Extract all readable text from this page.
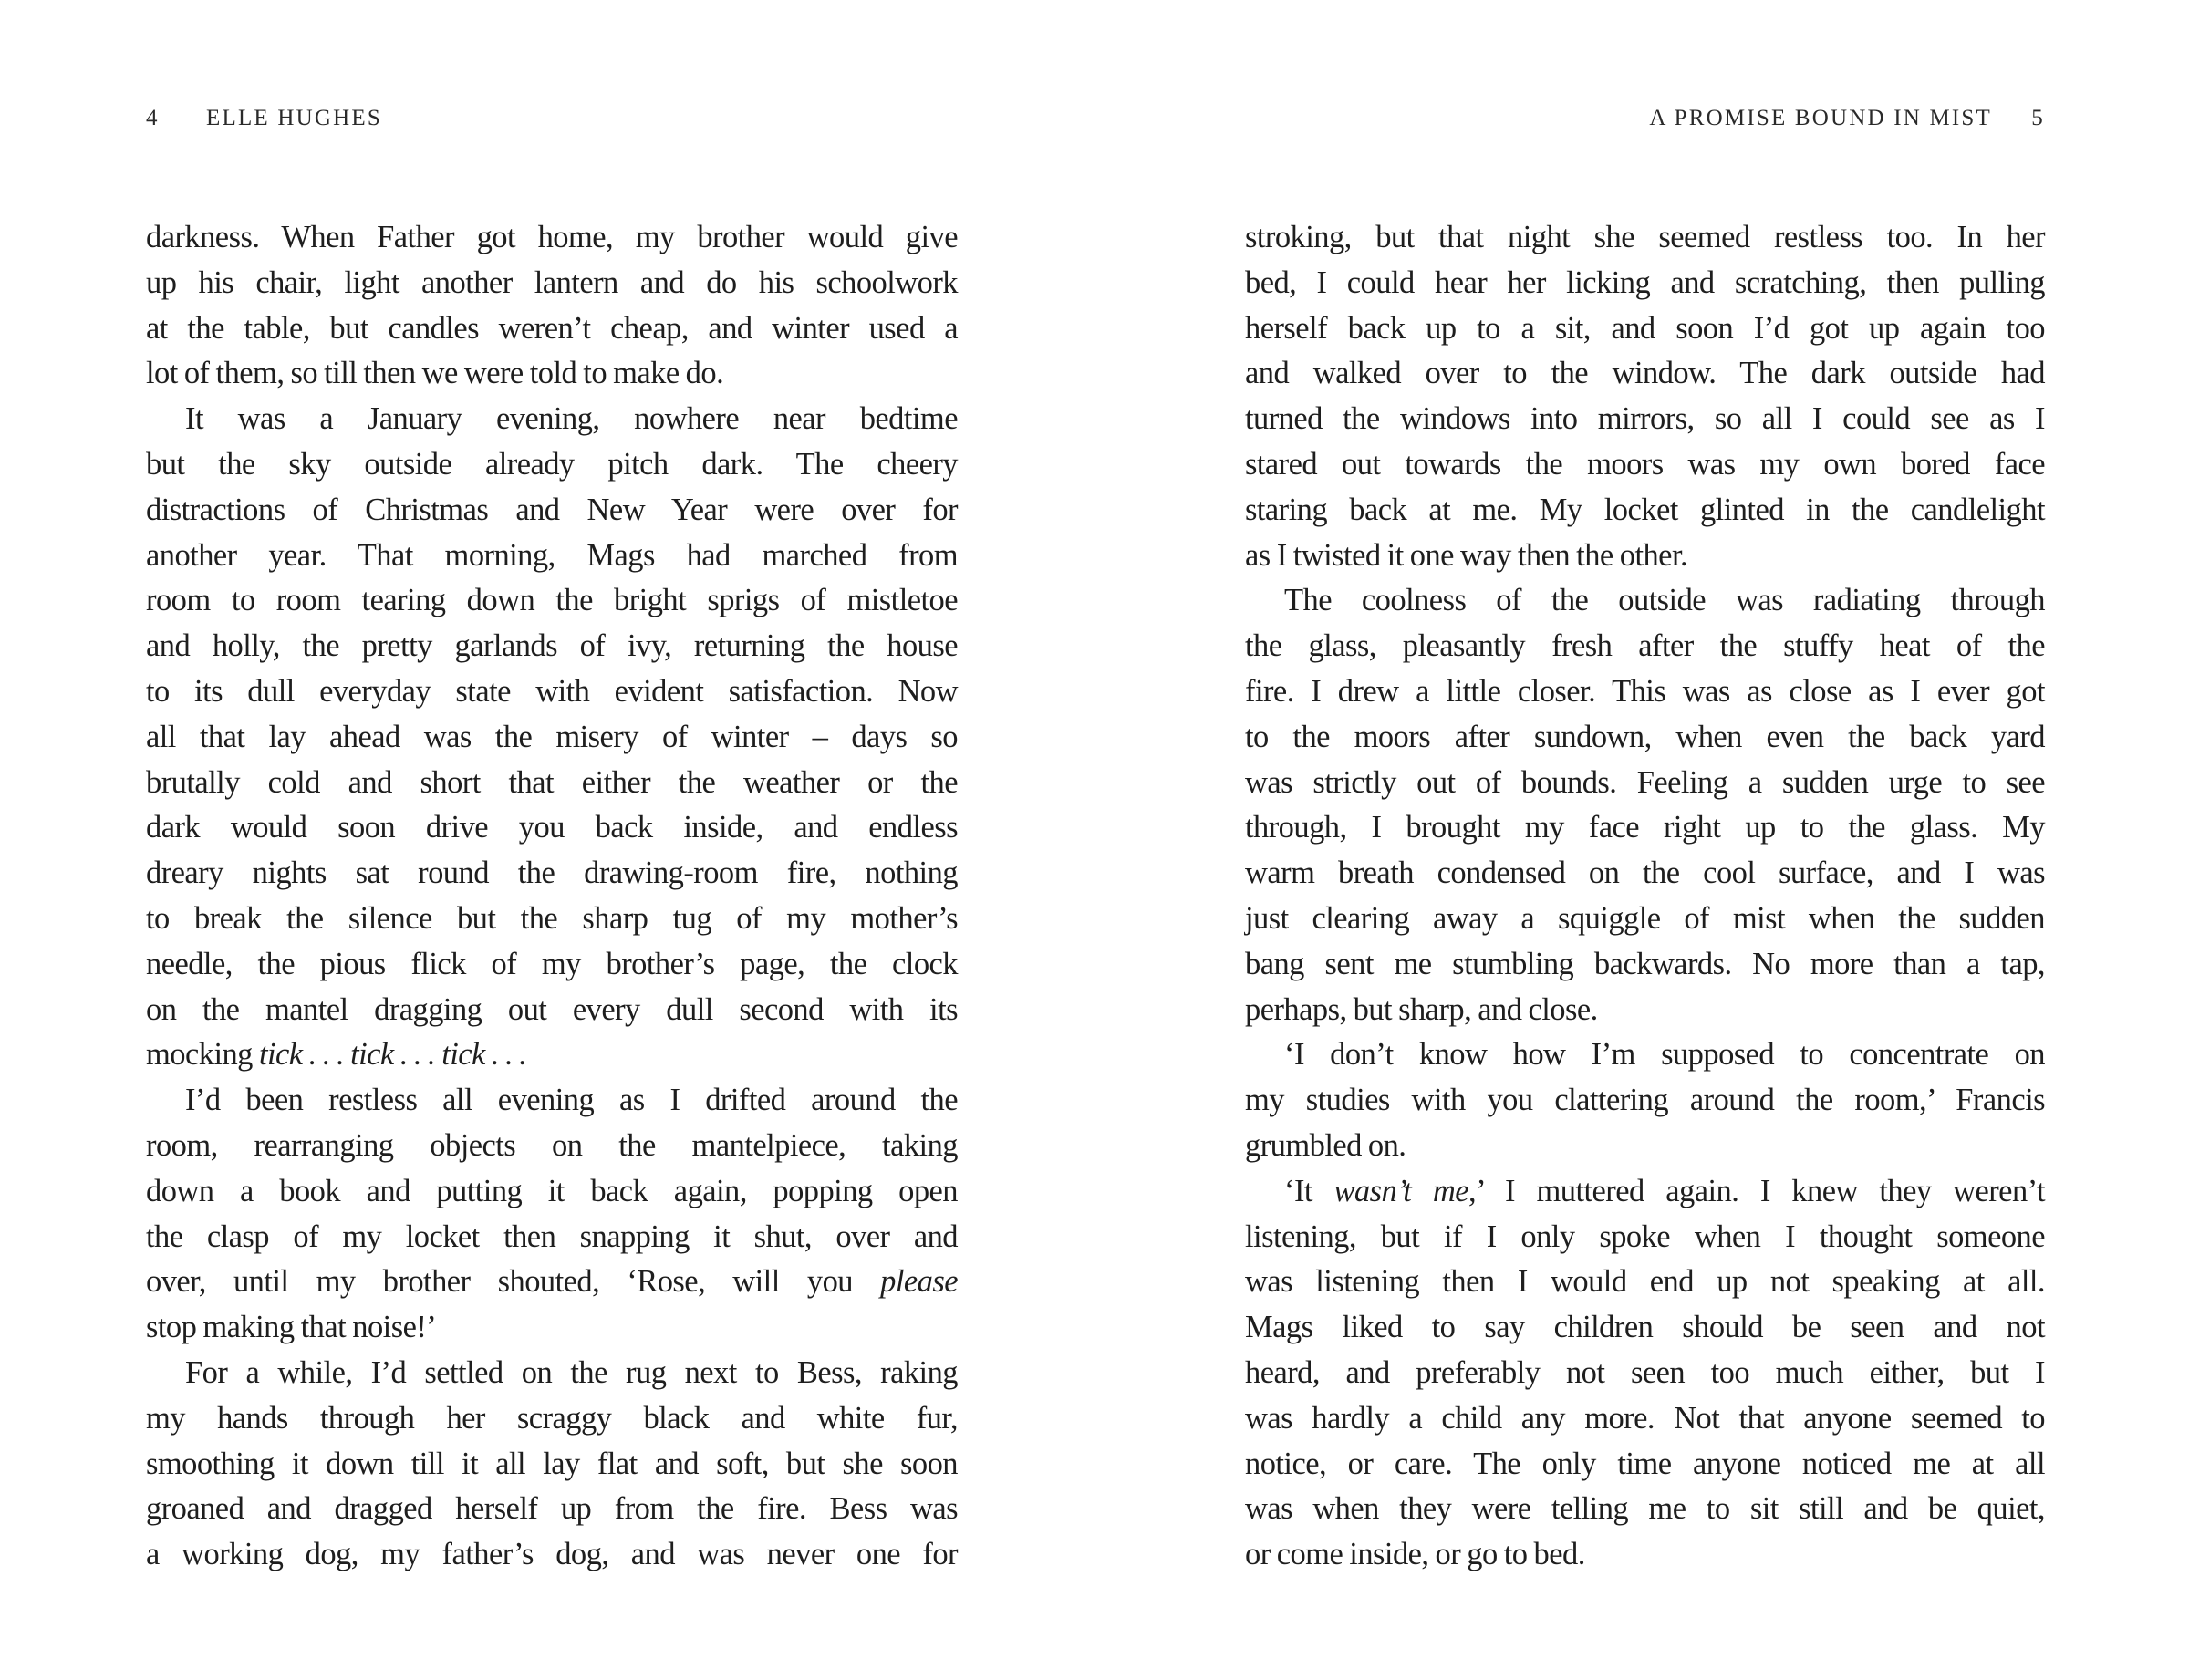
4 ELLE HUGHES
darkness. When Father got home, my brother would give
up his chair, light another lantern and do his schoolwork
at the table, but candles weren’t cheap, and winter used a
lot of them, so till then we were told to make do.
It was a January evening, nowhere near bedtime
but the sky outside already pitch dark. The cheery
distractions of Christmas and New Year were over for
another year. That morning, Mags had marched from
room to room tearing down the bright sprigs of mistletoe
and holly, the pretty garlands of ivy, returning the house
to its dull everyday state with evident satisfaction. Now
all that lay ahead was the misery of winter – days so
brutally cold and short that either the weather or the
dark would soon drive you back inside, and endless
dreary nights sat round the drawing-room fire, nothing
to break the silence but the sharp tug of my mother’s
needle, the pious flick of my brother’s page, the clock
on the mantel dragging out every dull second with its
mocking tick . . . tick . . . tick . . .
I’d been restless all evening as I drifted around the
room, rearranging objects on the mantelpiece, taking
down a book and putting it back again, popping open
the clasp of my locket then snapping it shut, over and
over, until my brother shouted, ‘Rose, will you please
stop making that noise!’
For a while, I’d settled on the rug next to Bess, raking
my hands through her scraggy black and white fur,
smoothing it down till it all lay flat and soft, but she soon
groaned and dragged herself up from the fire. Bess was
a working dog, my father’s dog, and was never one for
A PROMISE BOUND IN MIST 5
stroking, but that night she seemed restless too. In her
bed, I could hear her licking and scratching, then pulling
herself back up to a sit, and soon I’d got up again too
and walked over to the window. The dark outside had
turned the windows into mirrors, so all I could see as I
stared out towards the moors was my own bored face
staring back at me. My locket glinted in the candlelight
as I twisted it one way then the other.
The coolness of the outside was radiating through
the glass, pleasantly fresh after the stuffy heat of the
fire. I drew a little closer. This was as close as I ever got
to the moors after sundown, when even the back yard
was strictly out of bounds. Feeling a sudden urge to see
through, I brought my face right up to the glass. My
warm breath condensed on the cool surface, and I was
just clearing away a squiggle of mist when the sudden
bang sent me stumbling backwards. No more than a tap,
perhaps, but sharp, and close.
‘I don’t know how I’m supposed to concentrate on
my studies with you clattering around the room,’ Francis
grumbled on.
‘It wasn’t me,’ I muttered again. I knew they weren’t
listening, but if I only spoke when I thought someone
was listening then I would end up not speaking at all.
Mags liked to say children should be seen and not
heard, and preferably not seen too much either, but I
was hardly a child any more. Not that anyone seemed to
notice, or care. The only time anyone noticed me at all
was when they were telling me to sit still and be quiet,
or come inside, or go to bed.
